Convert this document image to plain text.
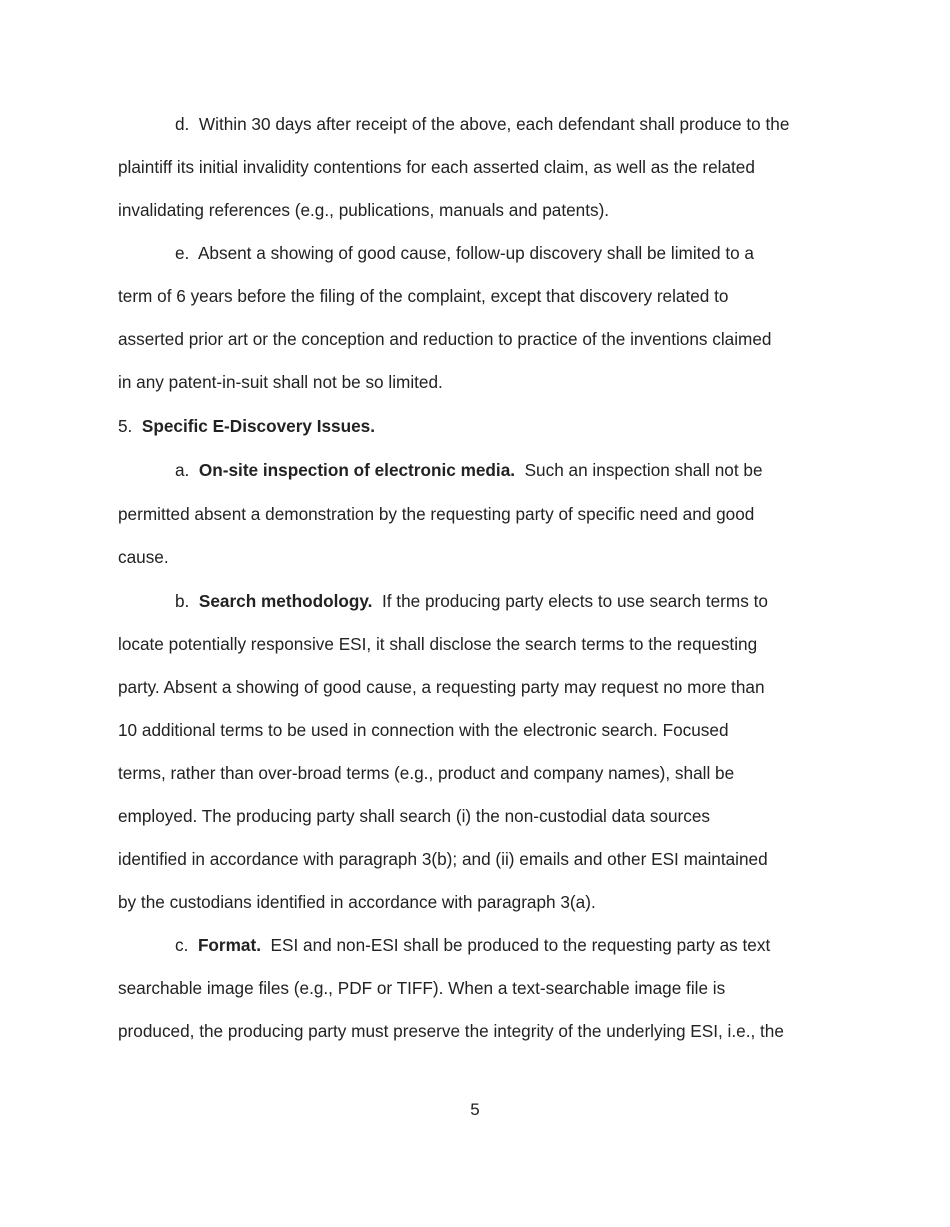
d. Within 30 days after receipt of the above, each defendant shall produce to the

plaintiff its initial invalidity contentions for each asserted claim, as well as the related

invalidating references (e.g., publications, manuals and patents).

e. Absent a showing of good cause, follow-up discovery shall be limited to a

term of 6 years before the filing of the complaint, except that discovery related to

asserted prior art or the conception and reduction to practice of the inventions claimed

in any patent-in-suit shall not be so limited.

5. Specific E-Discovery Issues.

a. On-site inspection of electronic media. Such an inspection shall not be

permitted absent a demonstration by the requesting party of specific need and good

cause.

b. Search methodology. If the producing party elects to use search terms to

locate potentially responsive ESI, it shall disclose the search terms to the requesting

party. Absent a showing of good cause, a requesting party may request no more than

10 additional terms to be used in connection with the electronic search. Focused

terms, rather than over-broad terms (e.g., product and company names), shall be

employed. The producing party shall search (i) the non-custodial data sources

identified in accordance with paragraph 3(b); and (ii) emails and other ESI maintained

by the custodians identified in accordance with paragraph 3(a).

c. Format. ESI and non-ESI shall be produced to the requesting party as text

searchable image files (e.g., PDF or TIFF). When a text-searchable image file is

produced, the producing party must preserve the integrity of the underlying ESI, i.e., the

5
